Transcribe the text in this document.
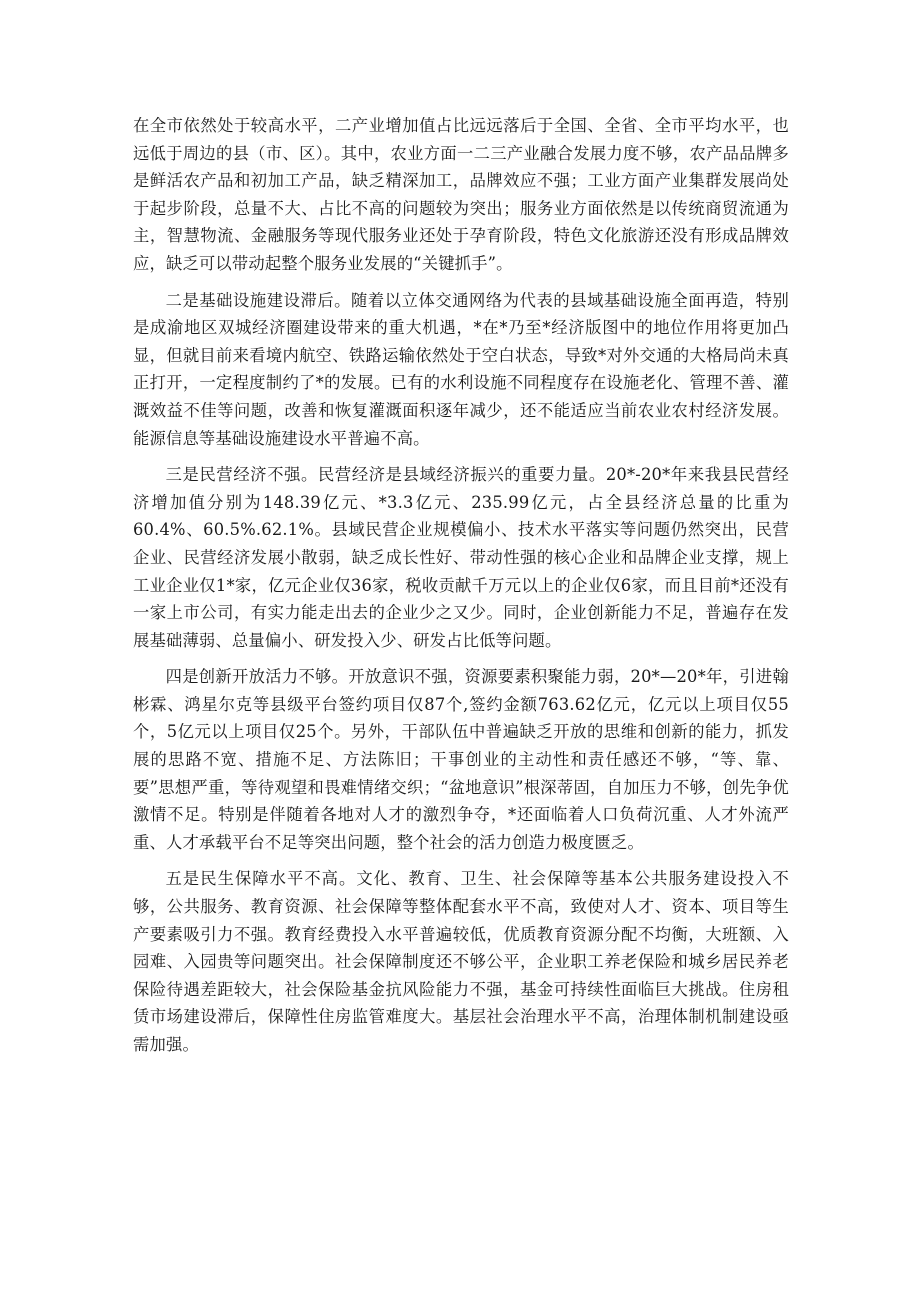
在全市依然处于较高水平，二产业增加值占比远远落后于全国、全省、全市平均水平，也远低于周边的县（市、区）。其中，农业方面一二三产业融合发展力度不够，农产品品牌多是鲜活农产品和初加工产品，缺乏精深加工，品牌效应不强；工业方面产业集群发展尚处于起步阶段，总量不大、占比不高的问题较为突出；服务业方面依然是以传统商贸流通为主，智慧物流、金融服务等现代服务业还处于孕育阶段，特色文化旅游还没有形成品牌效应，缺乏可以带动起整个服务业发展的“关键抓手”。

二是基础设施建设滞后。随着以立体交通网络为代表的县域基础设施全面再造，特别是成渝地区双城经济圈建设带来的重大机遇，*在*乃至*经济版图中的地位作用将更加凸显，但就目前来看境内航空、铁路运输依然处于空白状态，导致*对外交通的大格局尚未真正打开，一定程度制约了*的发展。已有的水利设施不同程度存在设施老化、管理不善、灌溉效益不佳等问题，改善和恢复灌溉面积逐年减少，还不能适应当前农业农村经济发展。能源信息等基础设施建设水平普遍不高。

三是民营经济不强。民营经济是县域经济振兴的重要力量。20*-20*年来我县民营经济增加值分别为148.39亿元、*3.3亿元、235.99亿元，占全县经济总量的比重为60.4%、60.5%.62.1%。县域民营企业规模偏小、技术水平落实等问题仍然突出，民营企业、民营经济发展小散弱，缺乏成长性好、带动性强的核心企业和品牌企业支撑，规上工业企业仅1*家，亿元企业仅36家，税收贡献千万元以上的企业仅6家，而且目前*还没有一家上市公司，有实力能走出去的企业少之又少。同时，企业创新能力不足，普遍存在发展基础薄弱、总量偏小、研发投入少、研发占比低等问题。

四是创新开放活力不够。开放意识不强，资源要素积聚能力弱，20*—20*年，引进翰彬霖、鸿星尔克等县级平台签约项目仅87个,签约金额763.62亿元，亿元以上项目仅55个，5亿元以上项目仅25个。另外，干部队伍中普遍缺乏开放的思维和创新的能力，抓发展的思路不宽、措施不足、方法陈旧；干事创业的主动性和责任感还不够，“等、靠、要”思想严重，等待观望和畏难情绪交织；“盆地意识”根深蒂固，自加压力不够，创先争优激情不足。特别是伴随着各地对人才的激烈争夺，*还面临着人口负荷沉重、人才外流严重、人才承载平台不足等突出问题，整个社会的活力创造力极度匮乏。

五是民生保障水平不高。文化、教育、卫生、社会保障等基本公共服务建设投入不够，公共服务、教育资源、社会保障等整体配套水平不高，致使对人才、资本、项目等生产要素吸引力不强。教育经费投入水平普遍较低，优质教育资源分配不均衡，大班额、入园难、入园贵等问题突出。社会保障制度还不够公平，企业职工养老保险和城乡居民养老保险待遇差距较大，社会保险基金抗风险能力不强，基金可持续性面临巨大挑战。住房租赁市场建设滞后，保障性住房监管难度大。基层社会治理水平不高，治理体制机制建设亟需加强。
